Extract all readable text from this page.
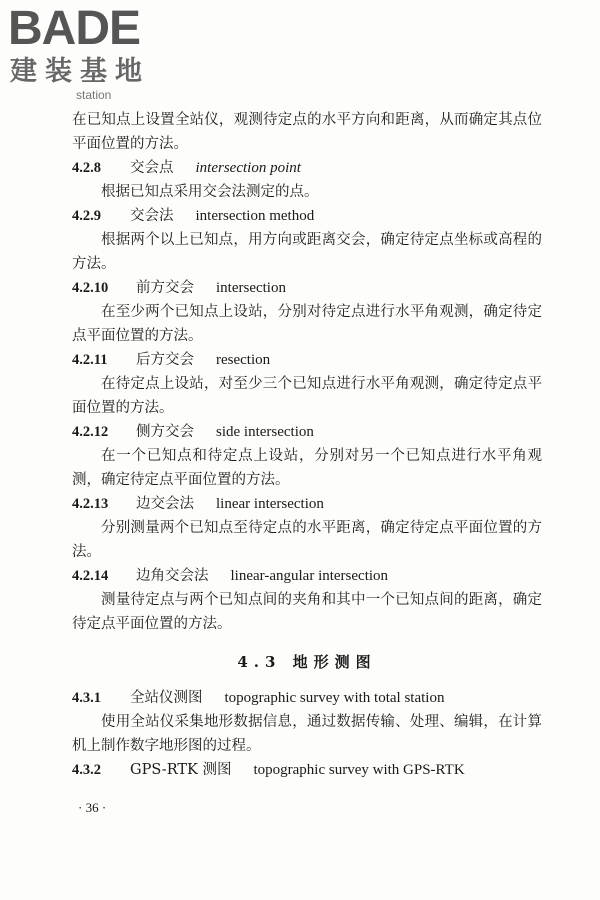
BADE
建装基地
station

在已知点上设置全站仪，观测待定点的水平方向和距离，从而确定其点位平面位置的方法。

4.2.8 交会点 intersection point

根据已知点采用交会法测定的点。

4.2.9 交会法 intersection method

根据两个以上已知点，用方向或距离交会，确定待定点坐标或高程的方法。

4.2.10 前方交会 intersection

在至少两个已知点上设站，分别对待定点进行水平角观测，确定待定点平面位置的方法。

4.2.11 后方交会 resection

在待定点上设站，对至少三个已知点进行水平角观测，确定待定点平面位置的方法。

4.2.12 侧方交会 side intersection

在一个已知点和待定点上设站，分别对另一个已知点进行水平角观测，确定待定点平面位置的方法。

4.2.13 边交会法 linear intersection

分别测量两个已知点至待定点的水平距离，确定待定点平面位置的方法。

4.2.14 边角交会法 linear-angular intersection

测量待定点与两个已知点间的夹角和其中一个已知点间的距离，确定待定点平面位置的方法。

4.3 地形测图

4.3.1 全站仪测图 topographic survey with total station

使用全站仪采集地形数据信息，通过数据传输、处理、编辑，在计算机上制作数字地形图的过程。

4.3.2 GPS-RTK 测图 topographic survey with GPS-RTK

· 36 ·
